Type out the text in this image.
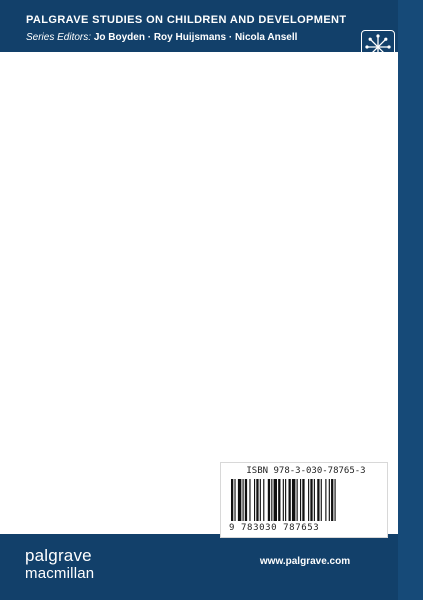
PALGRAVE STUDIES ON CHILDREN AND DEVELOPMENT
Series Editors: Jo Boyden · Roy Huijsmans · Nicola Ansell

“The book offers a timely and engaged perspective on present-day challenges in the field of children’s rights studies. Based on a carefully documented assessment of the international child protection regime, the authors propose thought-provoking new avenues for countering prevalent protectionist perspectives. The well substantiated empirical case studies and thorough reflections examine alternatives that are respectful of the views of the concerned children and communities in crafting policy solutions to violations of children’s fundamental rights. The variety of themes and the broad geographical scope make this book an excellent resource for anyone who wants to engage with children’s rights in a critical and constructive way.”

—Karl Hanson, Director of the Centre for Children’s Rights Studies,

University of Geneva, Switzerland

This book interrogates the international child protection regime, with a particular focus on its weaknesses and failures. It looks at the lack of accountability, the normativity, and the tendency to recreate patterns of power and exclusion that blight otherwise good intentions. The book assesses why the regime falls short of its ideals and offers ideas for what can be done to improve it. Bringing together influential, established voices, and emerging scholars who work on issues related to childhood, youth, policy, and practice, the book offers a timely intervention that aims to push the world of international child protection in more progressive directions.

Neil Howard is Lecturer at the University of Bath, UK.

Samuel Okyere is Senior Lecturer at the University of Bristol, UK.

ISBN 978-3-030-78765-3
9 783030 787653
www.palgrave.com
palgrave
macmillan
